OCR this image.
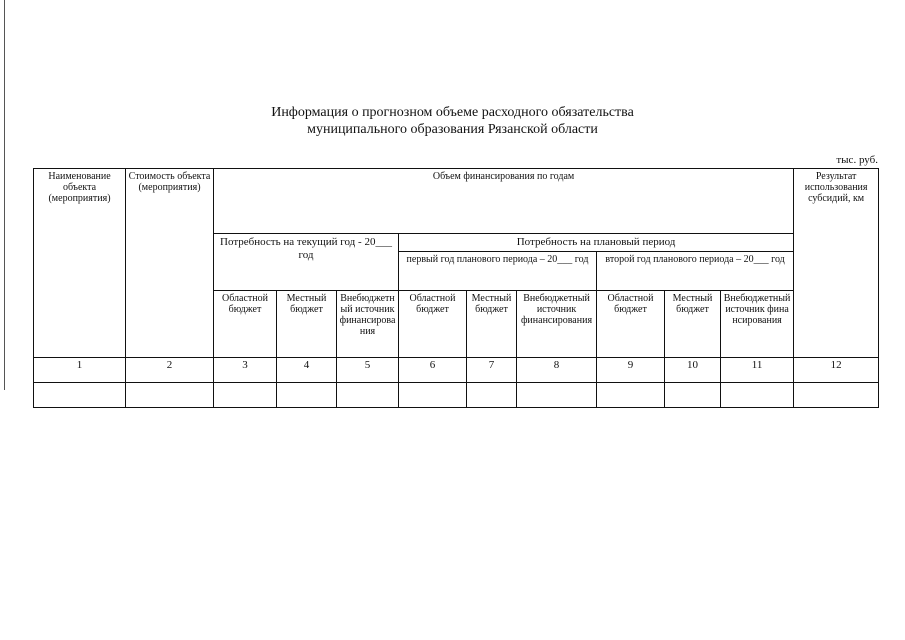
Информация о прогнозном объеме расходного обязательства
муниципального образования Рязанской области
тыс. руб.
Наименование объекта (мероприятия)	Стоимость объекта (мероприятия)	Объем финансирования по годам									Результат использования субсидий, км
		Потребность на текущий год - 20___ год			Потребность на плановый период						
					первый год планового периода – 20___ год			второй год планового периода – 20___ год			
		Областной бюджет	Местный бюджет	Внебюджетный источник финансирования	Областной бюджет	Местный бюджет	Внебюджетный источник финансирования	Областной бюджет	Местный бюджет	Внебюджетный источник финансирования	
1	2	3	4	5	6	7	8	9	10	11	12
